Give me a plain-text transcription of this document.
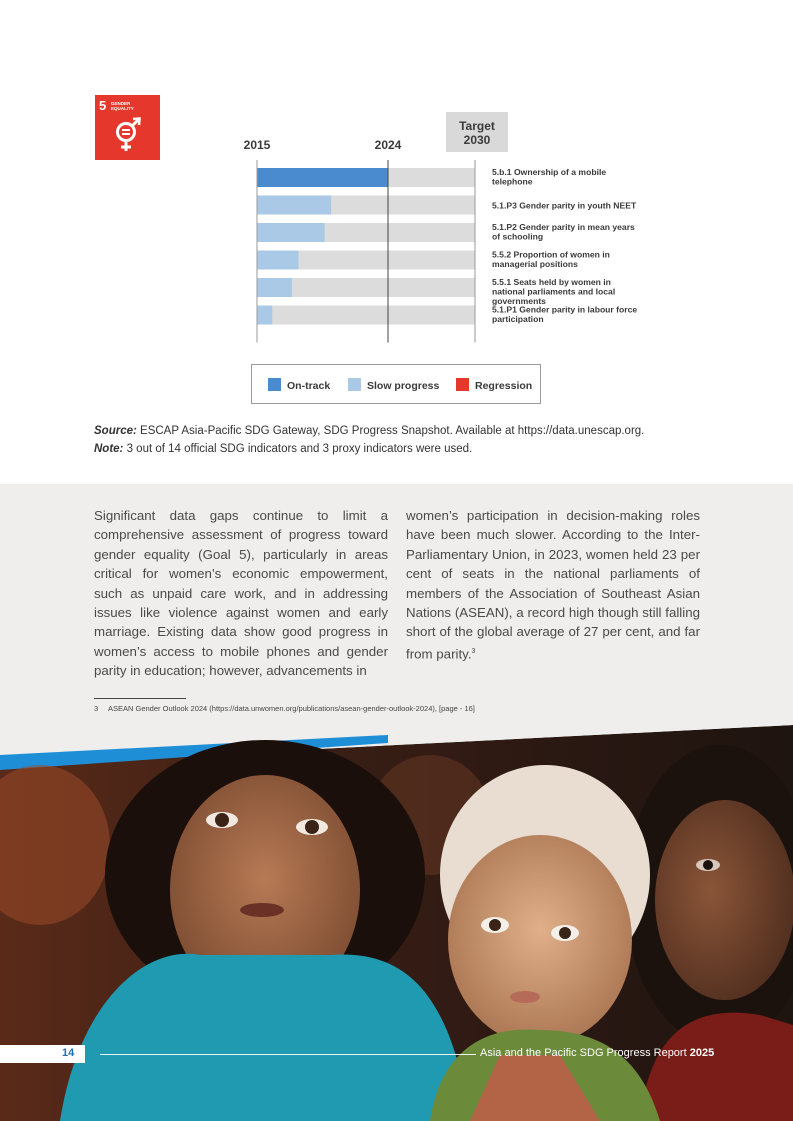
5 GENDER
EQUALITY
Target
2030
2015	2024
5.b.1 Ownership of a mobile telephone
5.1.P3 Gender parity in youth NEET
5.1.P2 Gender parity in mean years of schooling
5.5.2 Proportion of women in managerial positions
5.5.1 Seats held by women in national parliaments and local governments
5.1.P1 Gender parity in labour force participation
On-track	Slow progress	Regression
Source: ESCAP Asia-Pacific SDG Gateway, SDG Progress Snapshot. Available at https://data.unescap.org.
Note: 3 out of 14 official SDG indicators and 3 proxy indicators were used.
Significant data gaps continue to limit a comprehensive assessment of progress toward gender equality (Goal 5), particularly in areas critical for women’s economic empowerment, such as unpaid care work, and in addressing issues like violence against women and early marriage. Existing data show good progress in women’s access to mobile phones and gender parity in education; however, advancements in
women’s participation in decision-making roles have been much slower. According to the Inter-Parliamentary Union, in 2023, women held 23 per cent of seats in the national parliaments of members of the Association of Southeast Asian Nations (ASEAN), a record high though still falling short of the global average of 27 per cent, and far from parity.$^3$
3 ASEAN Gender Outlook 2024 (https://data.unwomen.org/publications/asean-gender-outlook-2024), [page - 16]
14	Asia and the Pacific SDG Progress Report 2025
